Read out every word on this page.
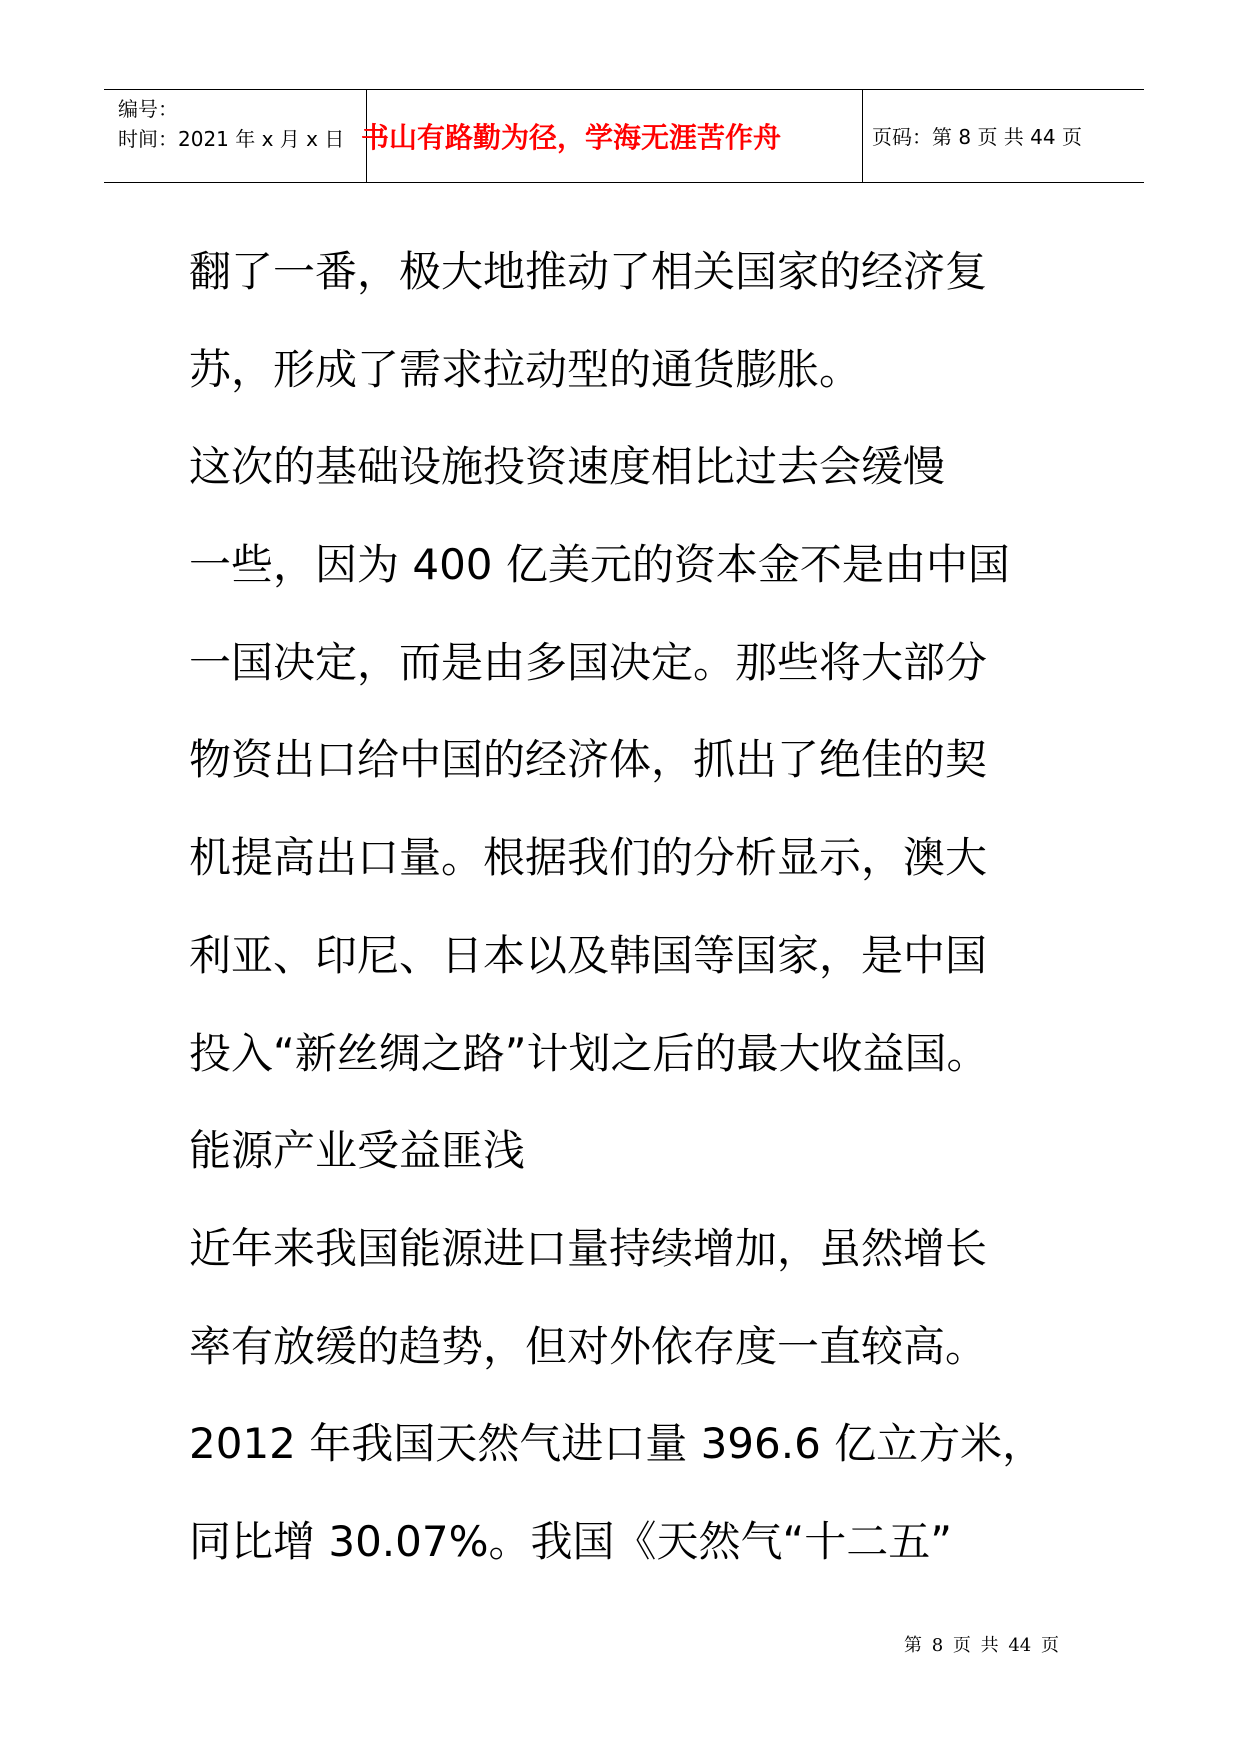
编号：
时间：2021 年 x 月 x 日 书山有路勤为径，学海无涯苦作舟	页码：第 8 页 共 44 页
翻了一番，极大地推动了相关国家的经济复
苏，形成了需求拉动型的通货膨胀。
这次的基础设施投资速度相比过去会缓慢
一些，因为 400 亿美元的资本金不是由中国
一国决定，而是由多国决定。那些将大部分
物资出口给中国的经济体，抓出了绝佳的契
机提高出口量。根据我们的分析显示，澳大
利亚、印尼、日本以及韩国等国家，是中国
投入“新丝绸之路”计划之后的最大收益国。
能源产业受益匪浅
近年来我国能源进口量持续增加，虽然增长
率有放缓的趋势，但对外依存度一直较高。
2012 年我国天然气进口量 396.6 亿立方米，
同比增 30.07%。我国《天然气“十二五”
第 8 页 共 44 页
